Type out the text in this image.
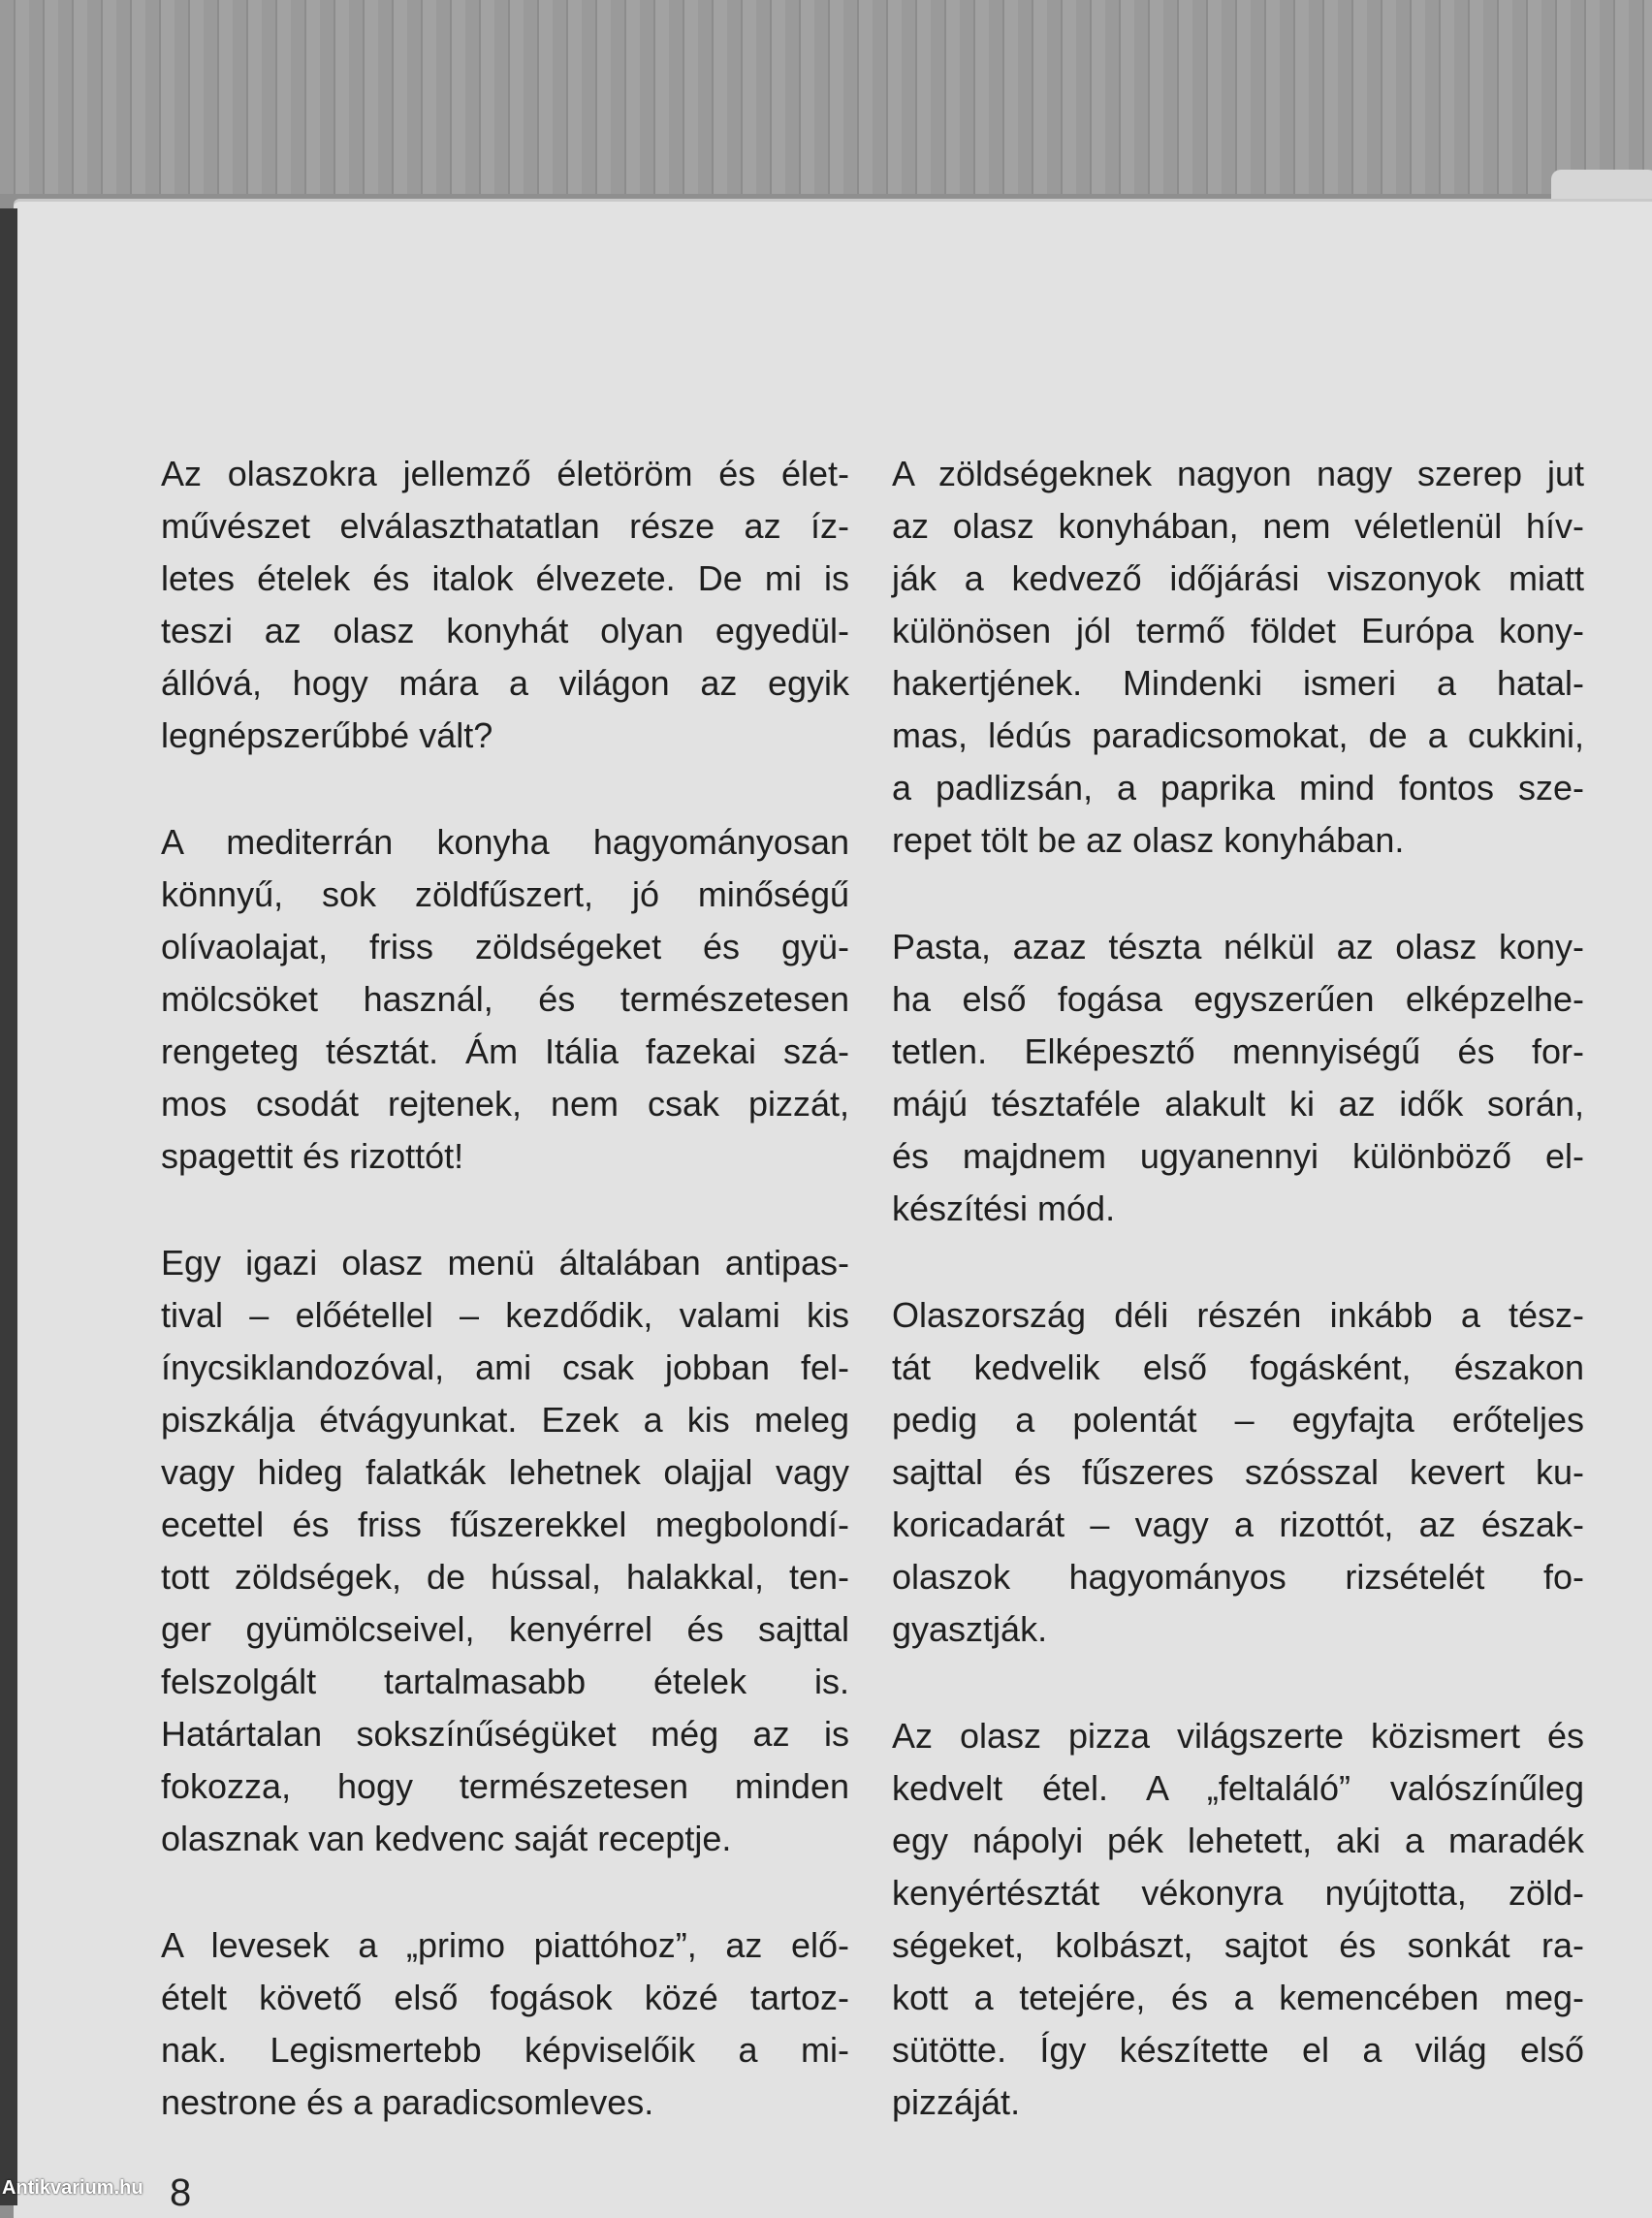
Az olaszokra jellemző életöröm és élet-
művészet elválaszthatatlan része az íz-
letes ételek és italok élvezete. De mi is
teszi az olasz konyhát olyan egyedül-
állóvá, hogy mára a világon az egyik
legnépszerűbbé vált?
A mediterrán konyha hagyományosan
könnyű, sok zöldfűszert, jó minőségű
olívaolajat, friss zöldségeket és gyü-
mölcsöket használ, és természetesen
rengeteg tésztát. Ám Itália fazekai szá-
mos csodát rejtenek, nem csak pizzát,
spagettit és rizottót!
Egy igazi olasz menü általában antipas-
tival – előétellel – kezdődik, valami kis
ínycsiklandozóval, ami csak jobban fel-
piszkálja étvágyunkat. Ezek a kis meleg
vagy hideg falatkák lehetnek olajjal vagy
ecettel és friss fűszerekkel megbolondí-
tott zöldségek, de hússal, halakkal, ten-
ger gyümölcseivel, kenyérrel és sajttal
felszolgált tartalmasabb ételek is.
Határtalan sokszínűségüket még az is
fokozza, hogy természetesen minden
olasznak van kedvenc saját receptje.
A levesek a „primo piattóhoz”, az elő-
ételt követő első fogások közé tartoz-
nak. Legismertebb képviselőik a mi-
nestrone és a paradicsomleves.
A zöldségeknek nagyon nagy szerep jut
az olasz konyhában, nem véletlenül hív-
ják a kedvező időjárási viszonyok miatt
különösen jól termő földet Európa kony-
hakertjének. Mindenki ismeri a hatal-
mas, lédús paradicsomokat, de a cukkini,
a padlizsán, a paprika mind fontos sze-
repet tölt be az olasz konyhában.
Pasta, azaz tészta nélkül az olasz kony-
ha első fogása egyszerűen elképzelhe-
tetlen. Elképesztő mennyiségű és for-
májú tésztaféle alakult ki az idők során,
és majdnem ugyanennyi különböző el-
készítési mód.
Olaszország déli részén inkább a tész-
tát kedvelik első fogásként, északon
pedig a polentát – egyfajta erőteljes
sajttal és fűszeres szósszal kevert ku-
koricadarát – vagy a rizottót, az észak-
olaszok hagyományos rizsételét fo-
gyasztják.
Az olasz pizza világszerte közismert és
kedvelt étel. A „feltaláló” valószínűleg
egy nápolyi pék lehetett, aki a maradék
kenyértésztát vékonyra nyújtotta, zöld-
ségeket, kolbászt, sajtot és sonkát ra-
kott a tetejére, és a kemencében meg-
sütötte. Így készítette el a világ első
pizzáját.
8
Antikvarium.hu
